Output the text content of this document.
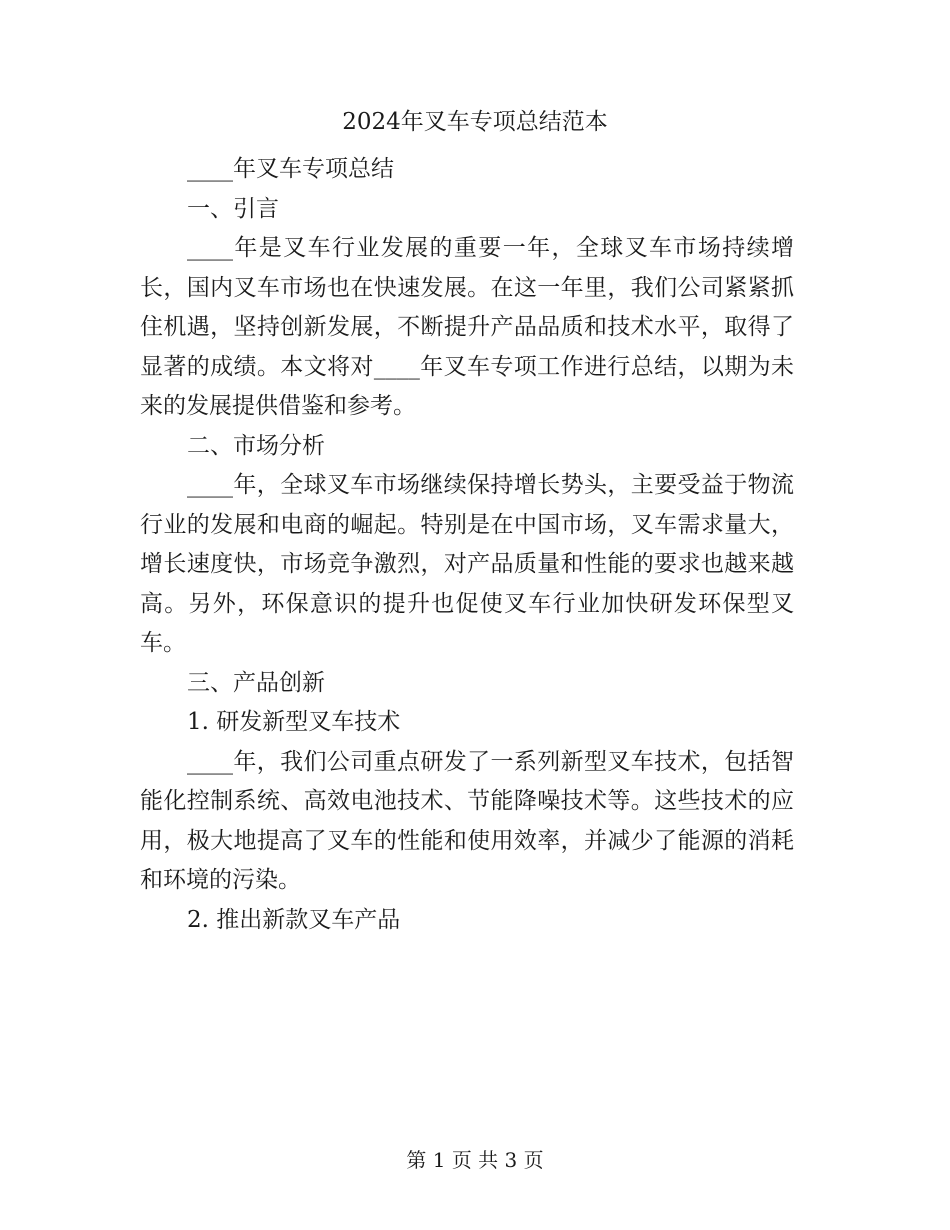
2024年叉车专项总结范本

____年叉车专项总结

一、引言

____年是叉车行业发展的重要一年，全球叉车市场持续增长，国内叉车市场也在快速发展。在这一年里，我们公司紧紧抓住机遇，坚持创新发展，不断提升产品品质和技术水平，取得了显著的成绩。本文将对____年叉车专项工作进行总结，以期为未来的发展提供借鉴和参考。

二、市场分析

____年，全球叉车市场继续保持增长势头，主要受益于物流行业的发展和电商的崛起。特别是在中国市场，叉车需求量大，增长速度快，市场竞争激烈，对产品质量和性能的要求也越来越高。另外，环保意识的提升也促使叉车行业加快研发环保型叉车。

三、产品创新

1. 研发新型叉车技术

____年，我们公司重点研发了一系列新型叉车技术，包括智能化控制系统、高效电池技术、节能降噪技术等。这些技术的应用，极大地提高了叉车的性能和使用效率，并减少了能源的消耗和环境的污染。

2. 推出新款叉车产品

第 1 页 共 3 页
